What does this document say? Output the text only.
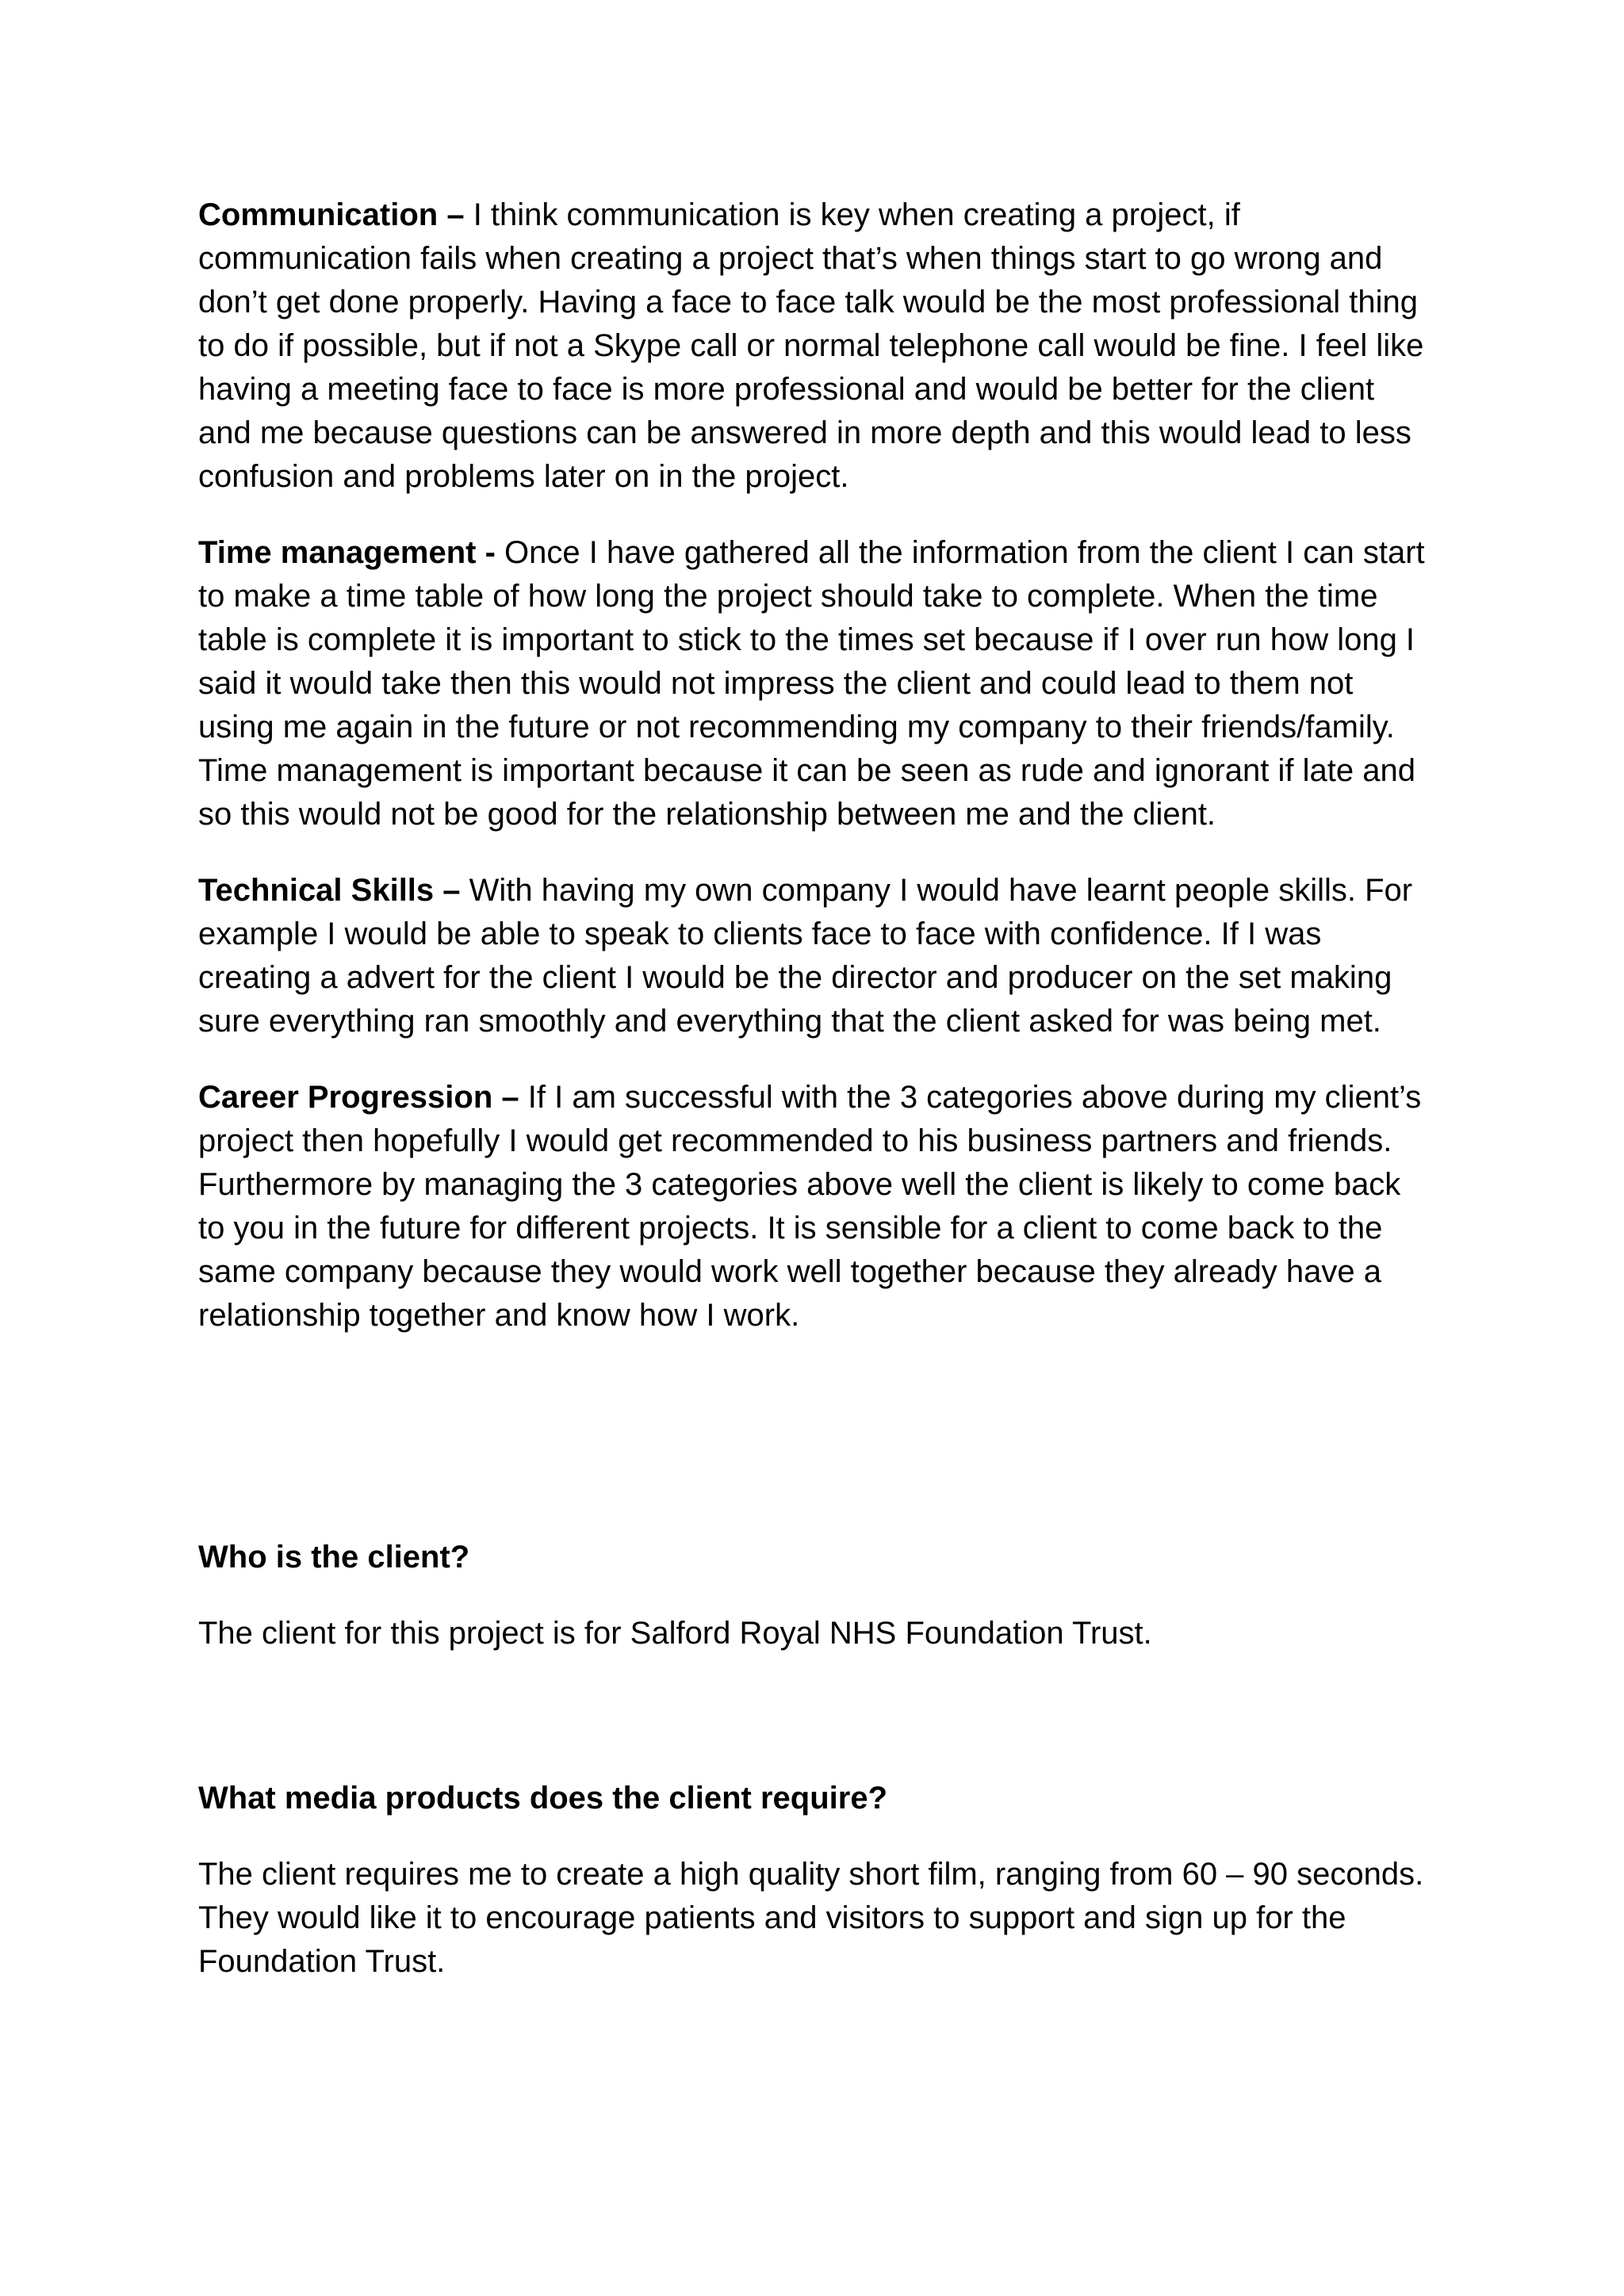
Communication – I think communication is key when creating a project, if communication fails when creating a project that’s when things start to go wrong and don’t get done properly. Having a face to face talk would be the most professional thing to do if possible, but if not a Skype call or normal telephone call would be fine. I feel like having a meeting face to face is more professional and would be better for the client and me because questions can be answered in more depth and this would lead to less confusion and problems later on in the project.

Time management - Once I have gathered all the information from the client I can start to make a time table of how long the project should take to complete. When the time table is complete it is important to stick to the times set because if I over run how long I said it would take then this would not impress the client and could lead to them not using me again in the future or not recommending my company to their friends/family. Time management is important because it can be seen as rude and ignorant if late and so this would not be good for the relationship between me and the client.

Technical Skills – With having my own company I would have learnt people skills. For example I would be able to speak to clients face to face with confidence. If I was creating a advert for the client I would be the director and producer on the set making sure everything ran smoothly and everything that the client asked for was being met.

Career Progression – If I am successful with the 3 categories above during my client’s project then hopefully I would get recommended to his business partners and friends. Furthermore by managing the 3 categories above well the client is likely to come back to you in the future for different projects. It is sensible for a client to come back to the same company because they would work well together because they already have a relationship together and know how I work.

Who is the client?

The client for this project is for Salford Royal NHS Foundation Trust.

What media products does the client require?

The client requires me to create a high quality short film, ranging from 60 – 90 seconds. They would like it to encourage patients and visitors to support and sign up for the Foundation Trust.
